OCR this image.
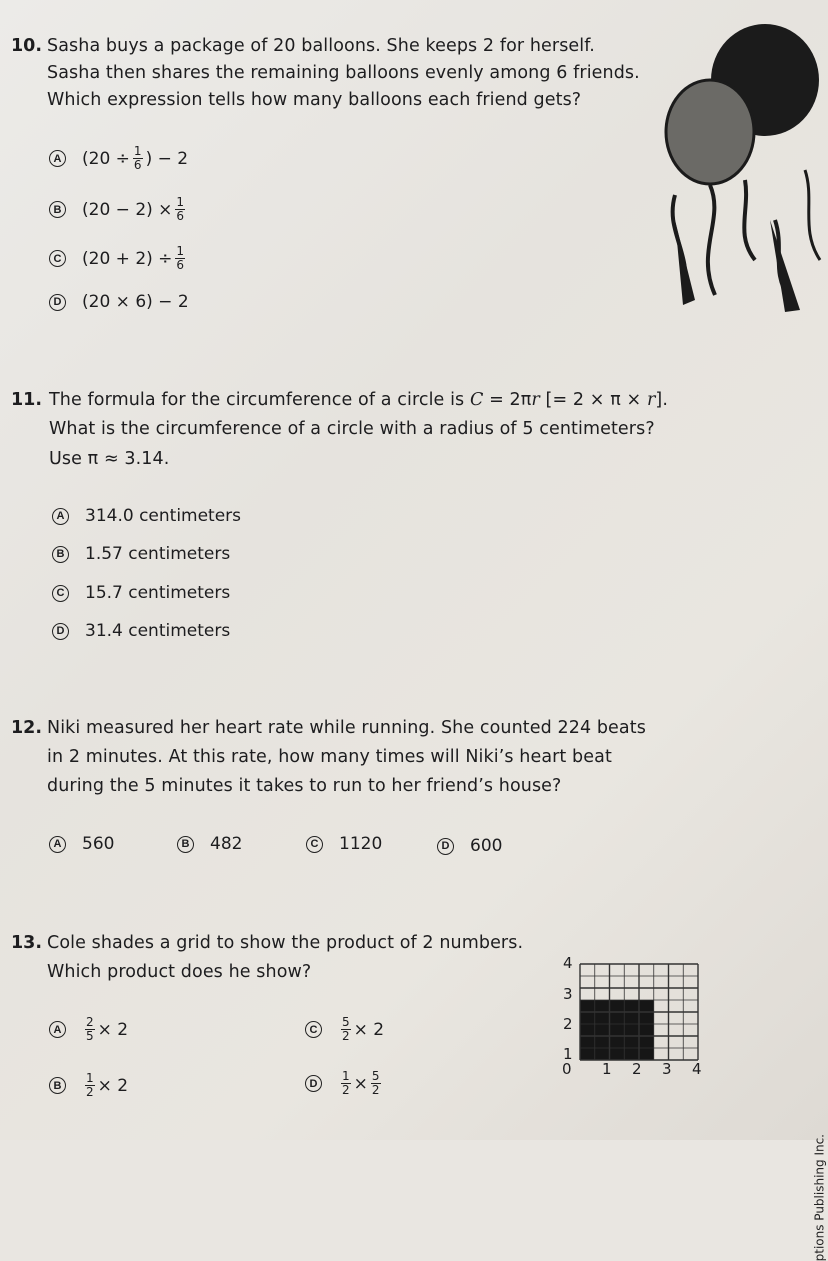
10. Sasha buys a package of 20 balloons. She keeps 2 for herself.
Sasha then shares the remaining balloons evenly among 6 friends.
Which expression tells how many balloons each friend gets?
A ($20 \div \frac{1}{6}$ ) − 2
B $(20 - 2) \times \frac{1}{6}$
C $(20 + 2) \div \frac{1}{6}$
D (20 × 6) − 2
11. The formula for the circumference of a circle is C = 2πr [= 2 × π × r].
What is the circumference of a circle with a radius of 5 centimeters?
Use π ≈ 3.14.
A 314.0 centimeters
B 1.57 centimeters
C 15.7 centimeters
D 31.4 centimeters
12. Niki measured her heart rate while running. She counted 224 beats
in 2 minutes. At this rate, how many times will Niki’s heart beat
during the 5 minutes it takes to run to her friend’s house?
A 560	B 482	C 1120	D 600
13. Cole shades a grid to show the product of 2 numbers.
Which product does he show?
A	$\frac{2}{5} \times 2$	C	$\frac{5}{2} \times 2$
B	$\frac{1}{2} \times 2$	D	$\frac{1}{2} \times \frac{5}{2}$
4
3
2
1
0 1 2 3 4
ptions Publishing Inc.
